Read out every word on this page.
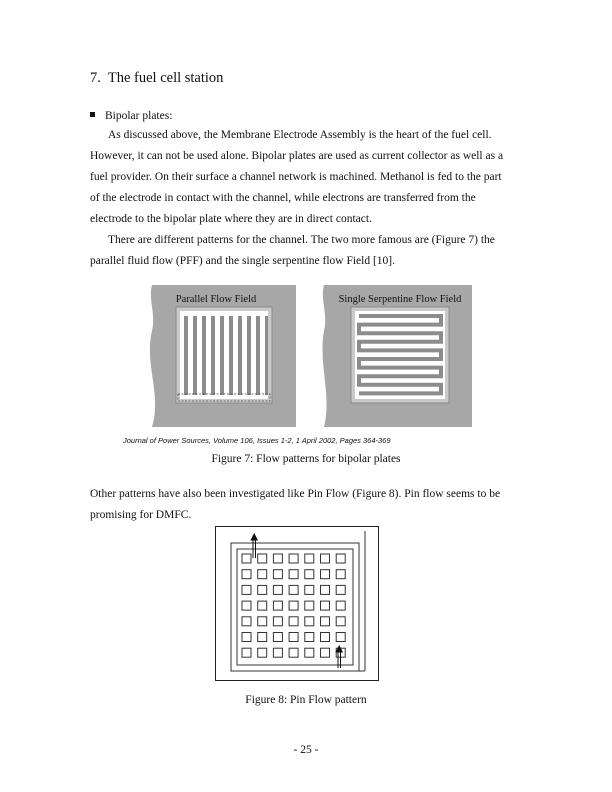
7. The fuel cell station
Bipolar plates:
As discussed above, the Membrane Electrode Assembly is the heart of the fuel cell.
However, it can not be used alone. Bipolar plates are used as current collector as well as a
fuel provider. On their surface a channel network is machined. Methanol is fed to the part
of the electrode in contact with the channel, while electrons are transferred from the
electrode to the bipolar plate where they are in direct contact.
There are different patterns for the channel. The two more famous are (Figure 7) the
parallel fluid flow (PFF) and the single serpentine flow Field [10].
Parallel Flow Field	Single Serpentine Flow Field
Journal of Power Sources, Volume 106, Issues 1-2, 1 April 2002, Pages 364-369
Figure 7: Flow patterns for bipolar plates
Other patterns have also been investigated like Pin Flow (Figure 8). Pin flow seems to be
promising for DMFC.
Figure 8: Pin Flow pattern
- 25 -
